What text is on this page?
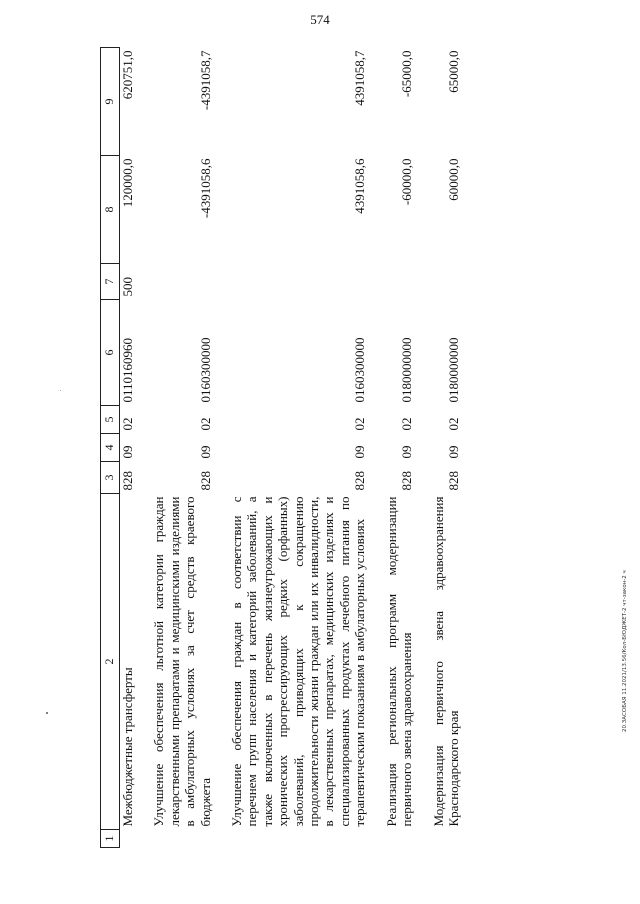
574
1	2	3	4	5	6	7	8	9
	Межбюджетные трансферты	828	09	02	0110160960	500	120000,0	620751,0

	Улучшение обеспечения льготной категории граждан лекарственными препаратами и медицинскими изделиями в амбулаторных условиях за счет средств краевого бюджета	828	09	02	0160300000		-4391058,6	-4391058,7

	Улучшение обеспечения граждан в соответствии с перечнем групп населения и категорий заболеваний, а также включенных в перечень жизнеугрожающих и хронических прогрессирующих редких (орфанных) заболеваний, приводящих к сокращению продолжительности жизни граждан или их инвалидности, в лекарственных препаратах, медицинских изделиях и специализированных продуктах лечебного питания по терапевтическим показаниям в амбулаторных условиях	828	09	02	0160300000		4391058,6	4391058,7

	Реализация региональных программ модернизации первичного звена здравоохранения	828	09	02	0180000000		-60000,0	-65000,0

	Модернизация первичного звена здравоохранения Краснодарского края	828	09	02	0180000000		60000,0	65000,0
20.ЗАСОБАЯ 11.2021/13.56/Кол-БЮДЖЕТ-2 чт-закон-2 ч
